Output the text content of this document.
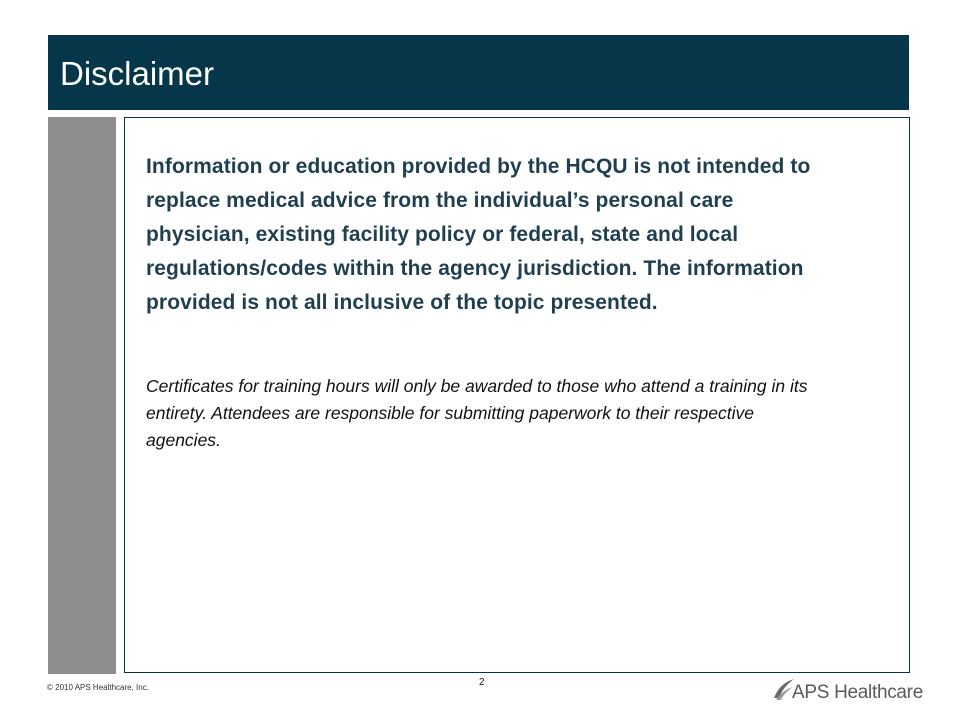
Disclaimer

Information or education provided by the HCQU is not intended to replace medical advice from the individual’s personal care physician, existing facility policy or federal, state and local regulations/codes within the agency jurisdiction. The information provided is not all inclusive of the topic presented.

Certificates for training hours will only be awarded to those who attend a training in its entirety. Attendees are responsible for submitting paperwork to their respective agencies.

© 2010 APS Healthcare, Inc.	2	APS Healthcare
